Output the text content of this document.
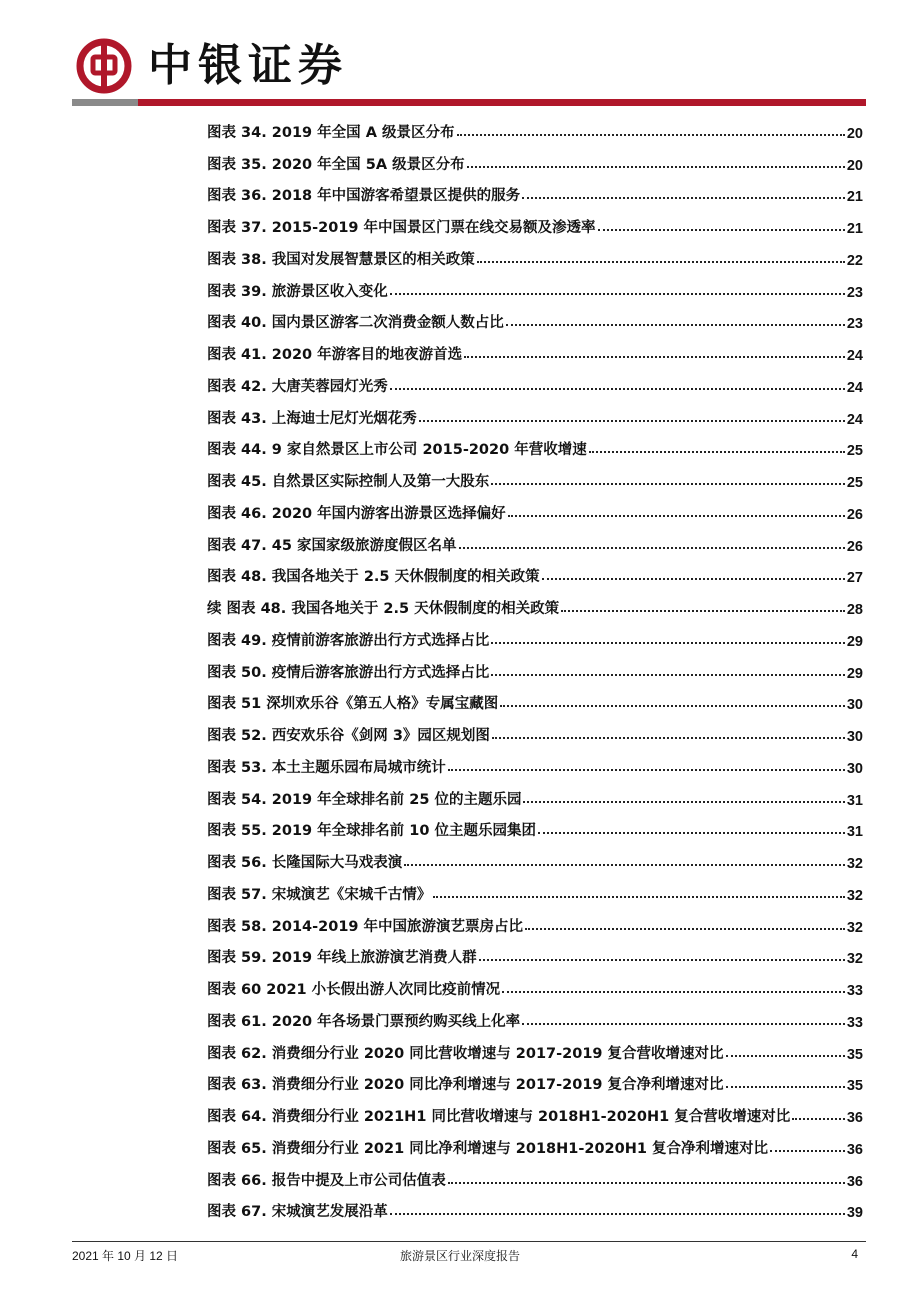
中银证券
图表 34. 2019 年全国 A 级景区分布	20
图表 35. 2020 年全国 5A 级景区分布	20
图表 36. 2018 年中国游客希望景区提供的服务	21
图表 37. 2015-2019 年中国景区门票在线交易额及渗透率	21
图表 38. 我国对发展智慧景区的相关政策	22
图表 39. 旅游景区收入变化	23
图表 40. 国内景区游客二次消费金额人数占比	23
图表 41. 2020 年游客目的地夜游首选	24
图表 42. 大唐芙蓉园灯光秀	24
图表 43. 上海迪士尼灯光烟花秀	24
图表 44. 9 家自然景区上市公司 2015-2020 年营收增速	25
图表 45. 自然景区实际控制人及第一大股东	25
图表 46. 2020 年国内游客出游景区选择偏好	26
图表 47. 45 家国家级旅游度假区名单	26
图表 48. 我国各地关于 2.5 天休假制度的相关政策	27
续 图表 48. 我国各地关于 2.5 天休假制度的相关政策	28
图表 49. 疫情前游客旅游出行方式选择占比	29
图表 50. 疫情后游客旅游出行方式选择占比	29
图表 51 深圳欢乐谷《第五人格》专属宝藏图	30
图表 52. 西安欢乐谷《剑网 3》园区规划图	30
图表 53. 本土主题乐园布局城市统计	30
图表 54. 2019 年全球排名前 25 位的主题乐园	31
图表 55. 2019 年全球排名前 10 位主题乐园集团	31
图表 56. 长隆国际大马戏表演	32
图表 57. 宋城演艺《宋城千古情》	32
图表 58. 2014-2019 年中国旅游演艺票房占比	32
图表 59. 2019 年线上旅游演艺消费人群	32
图表 60 2021 小长假出游人次同比疫前情况	33
图表 61. 2020 年各场景门票预约购买线上化率	33
图表 62. 消费细分行业 2020 同比营收增速与 2017-2019 复合营收增速对比	35
图表 63. 消费细分行业 2020 同比净利增速与 2017-2019 复合净利增速对比	35
图表 64. 消费细分行业 2021H1 同比营收增速与 2018H1-2020H1 复合营收增速对比	36
图表 65. 消费细分行业 2021 同比净利增速与 2018H1-2020H1 复合净利增速对比	36
图表 66. 报告中提及上市公司估值表	36
图表 67. 宋城演艺发展沿革	39
2021 年 10 月 12 日	旅游景区行业深度报告	4
